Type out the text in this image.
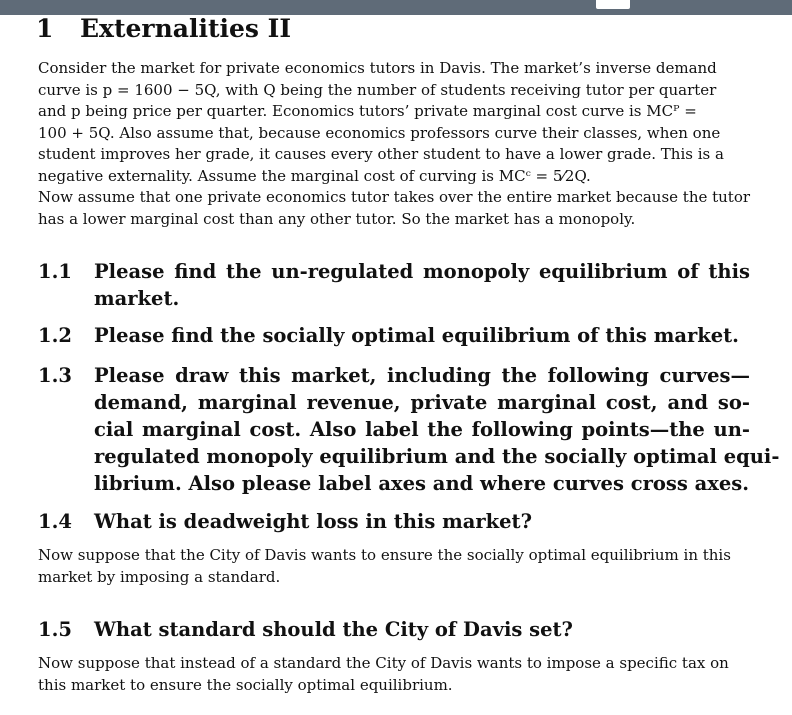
1 Externalities II
Consider the market for private economics tutors in Davis. The market’s inverse demand
curve is p = 1600 − 5Q, with Q being the number of students receiving tutor per quarter
and p being price per quarter. Economics tutors’ private marginal cost curve is MCᴾ =
100 + 5Q. Also assume that, because economics professors curve their classes, when one
student improves her grade, it causes every other student to have a lower grade. This is a
negative externality. Assume the marginal cost of curving is MCᶜ = 5⁄2Q.
Now assume that one private economics tutor takes over the entire market because the tutor
has a lower marginal cost than any other tutor. So the market has a monopoly.
1.1	Please find the un-regulated monopoly equilibrium of this
market.
1.2	Please find the socially optimal equilibrium of this market.
1.3	Please draw this market, including the following curves—
demand, marginal revenue, private marginal cost, and so-
cial marginal cost. Also label the following points—the un-
regulated monopoly equilibrium and the socially optimal equi-
librium. Also please label axes and where curves cross axes.
1.4	What is deadweight loss in this market?
Now suppose that the City of Davis wants to ensure the socially optimal equilibrium in this
market by imposing a standard.
1.5	What standard should the City of Davis set?
Now suppose that instead of a standard the City of Davis wants to impose a specific tax on
this market to ensure the socially optimal equilibrium.
